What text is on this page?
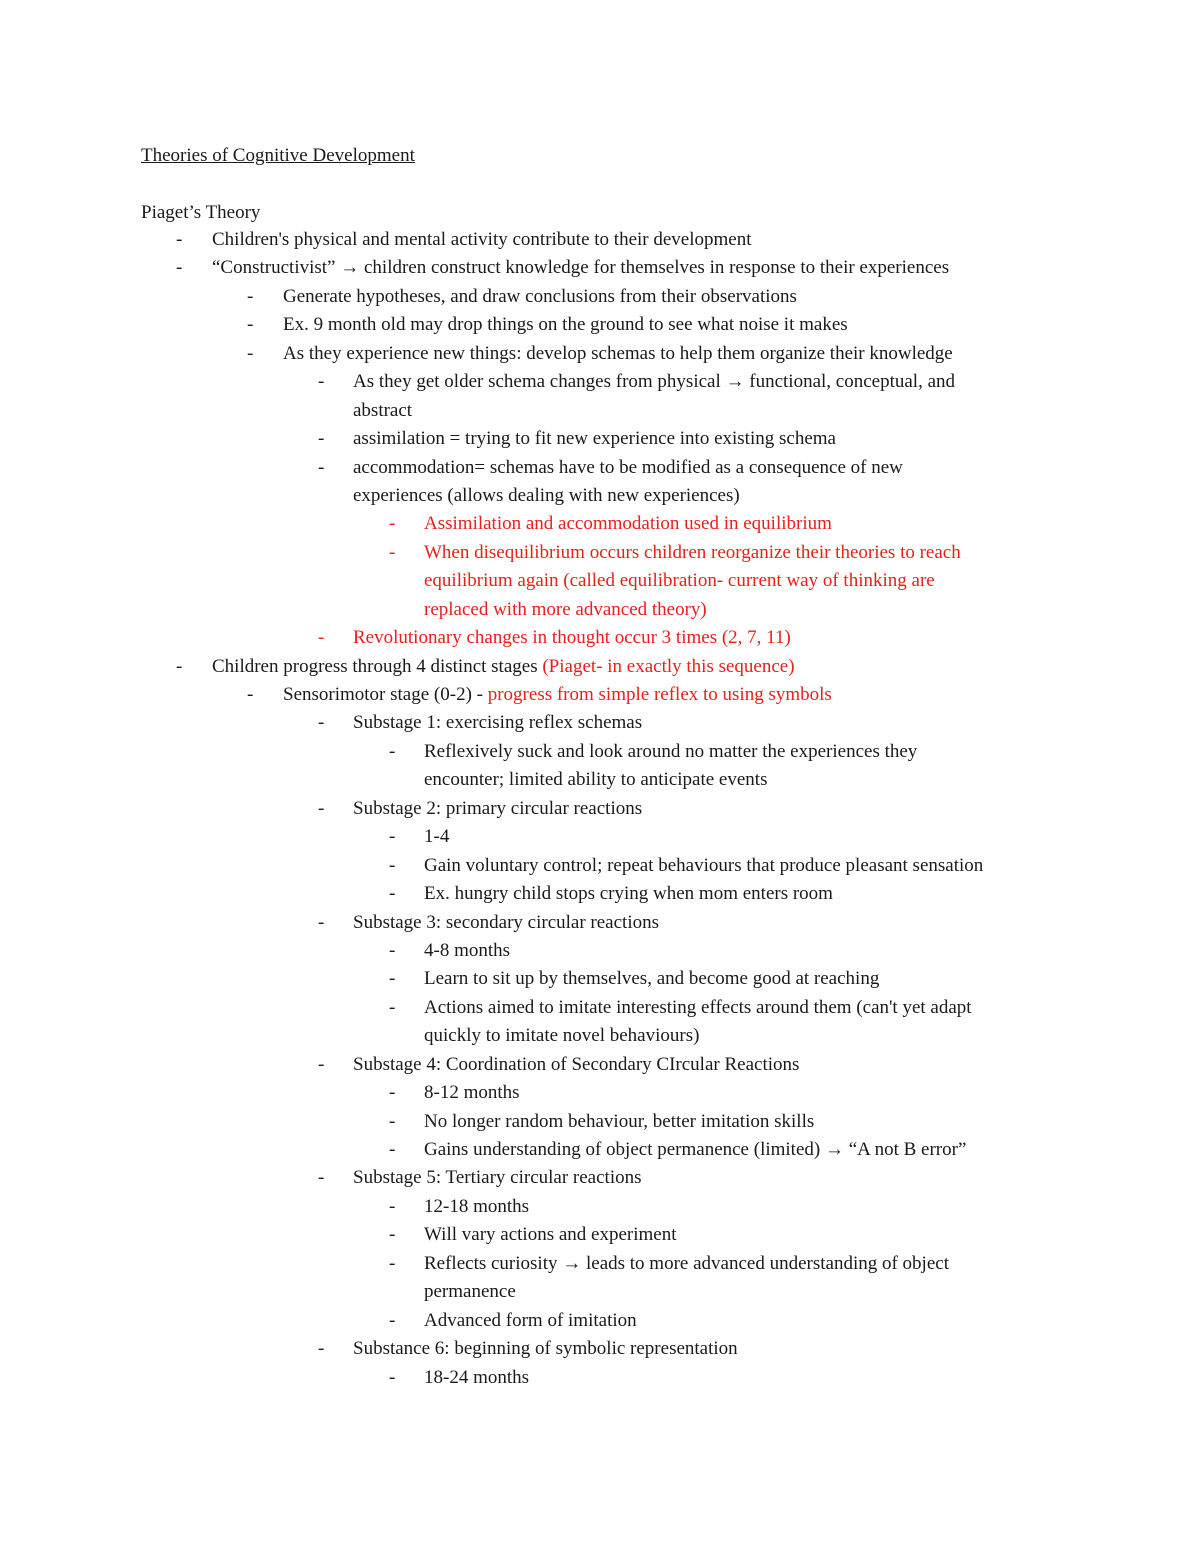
Theories of Cognitive Development
Piaget’s Theory
-	Children's physical and mental activity contribute to their development
-	“Constructivist” → children construct knowledge for themselves in response to their experiences
-	Generate hypotheses, and draw conclusions from their observations
-	Ex. 9 month old may drop things on the ground to see what noise it makes
-	As they experience new things: develop schemas to help them organize their knowledge
-	As they get older schema changes from physical → functional, conceptual, and
abstract
-	assimilation = trying to fit new experience into existing schema
-	accommodation= schemas have to be modified as a consequence of new
experiences (allows dealing with new experiences)
-	Assimilation and accommodation used in equilibrium
-	When disequilibrium occurs children reorganize their theories to reach
equilibrium again (called equilibration- current way of thinking are
replaced with more advanced theory)
-	Revolutionary changes in thought occur 3 times (2, 7, 11)
-	Children progress through 4 distinct stages (Piaget- in exactly this sequence)
-	Sensorimotor stage (0-2) - progress from simple reflex to using symbols
-	Substage 1: exercising reflex schemas
-	Reflexively suck and look around no matter the experiences they
encounter; limited ability to anticipate events
-	Substage 2: primary circular reactions
-	1-4
-	Gain voluntary control; repeat behaviours that produce pleasant sensation
-	Ex. hungry child stops crying when mom enters room
-	Substage 3: secondary circular reactions
-	4-8 months
-	Learn to sit up by themselves, and become good at reaching
-	Actions aimed to imitate interesting effects around them (can't yet adapt
quickly to imitate novel behaviours)
-	Substage 4: Coordination of Secondary CIrcular Reactions
-	8-12 months
-	No longer random behaviour, better imitation skills
-	Gains understanding of object permanence (limited) → “A not B error”
-	Substage 5: Tertiary circular reactions
-	12-18 months
-	Will vary actions and experiment
-	Reflects curiosity → leads to more advanced understanding of object
permanence
-	Advanced form of imitation
-	Substance 6: beginning of symbolic representation
-	18-24 months
